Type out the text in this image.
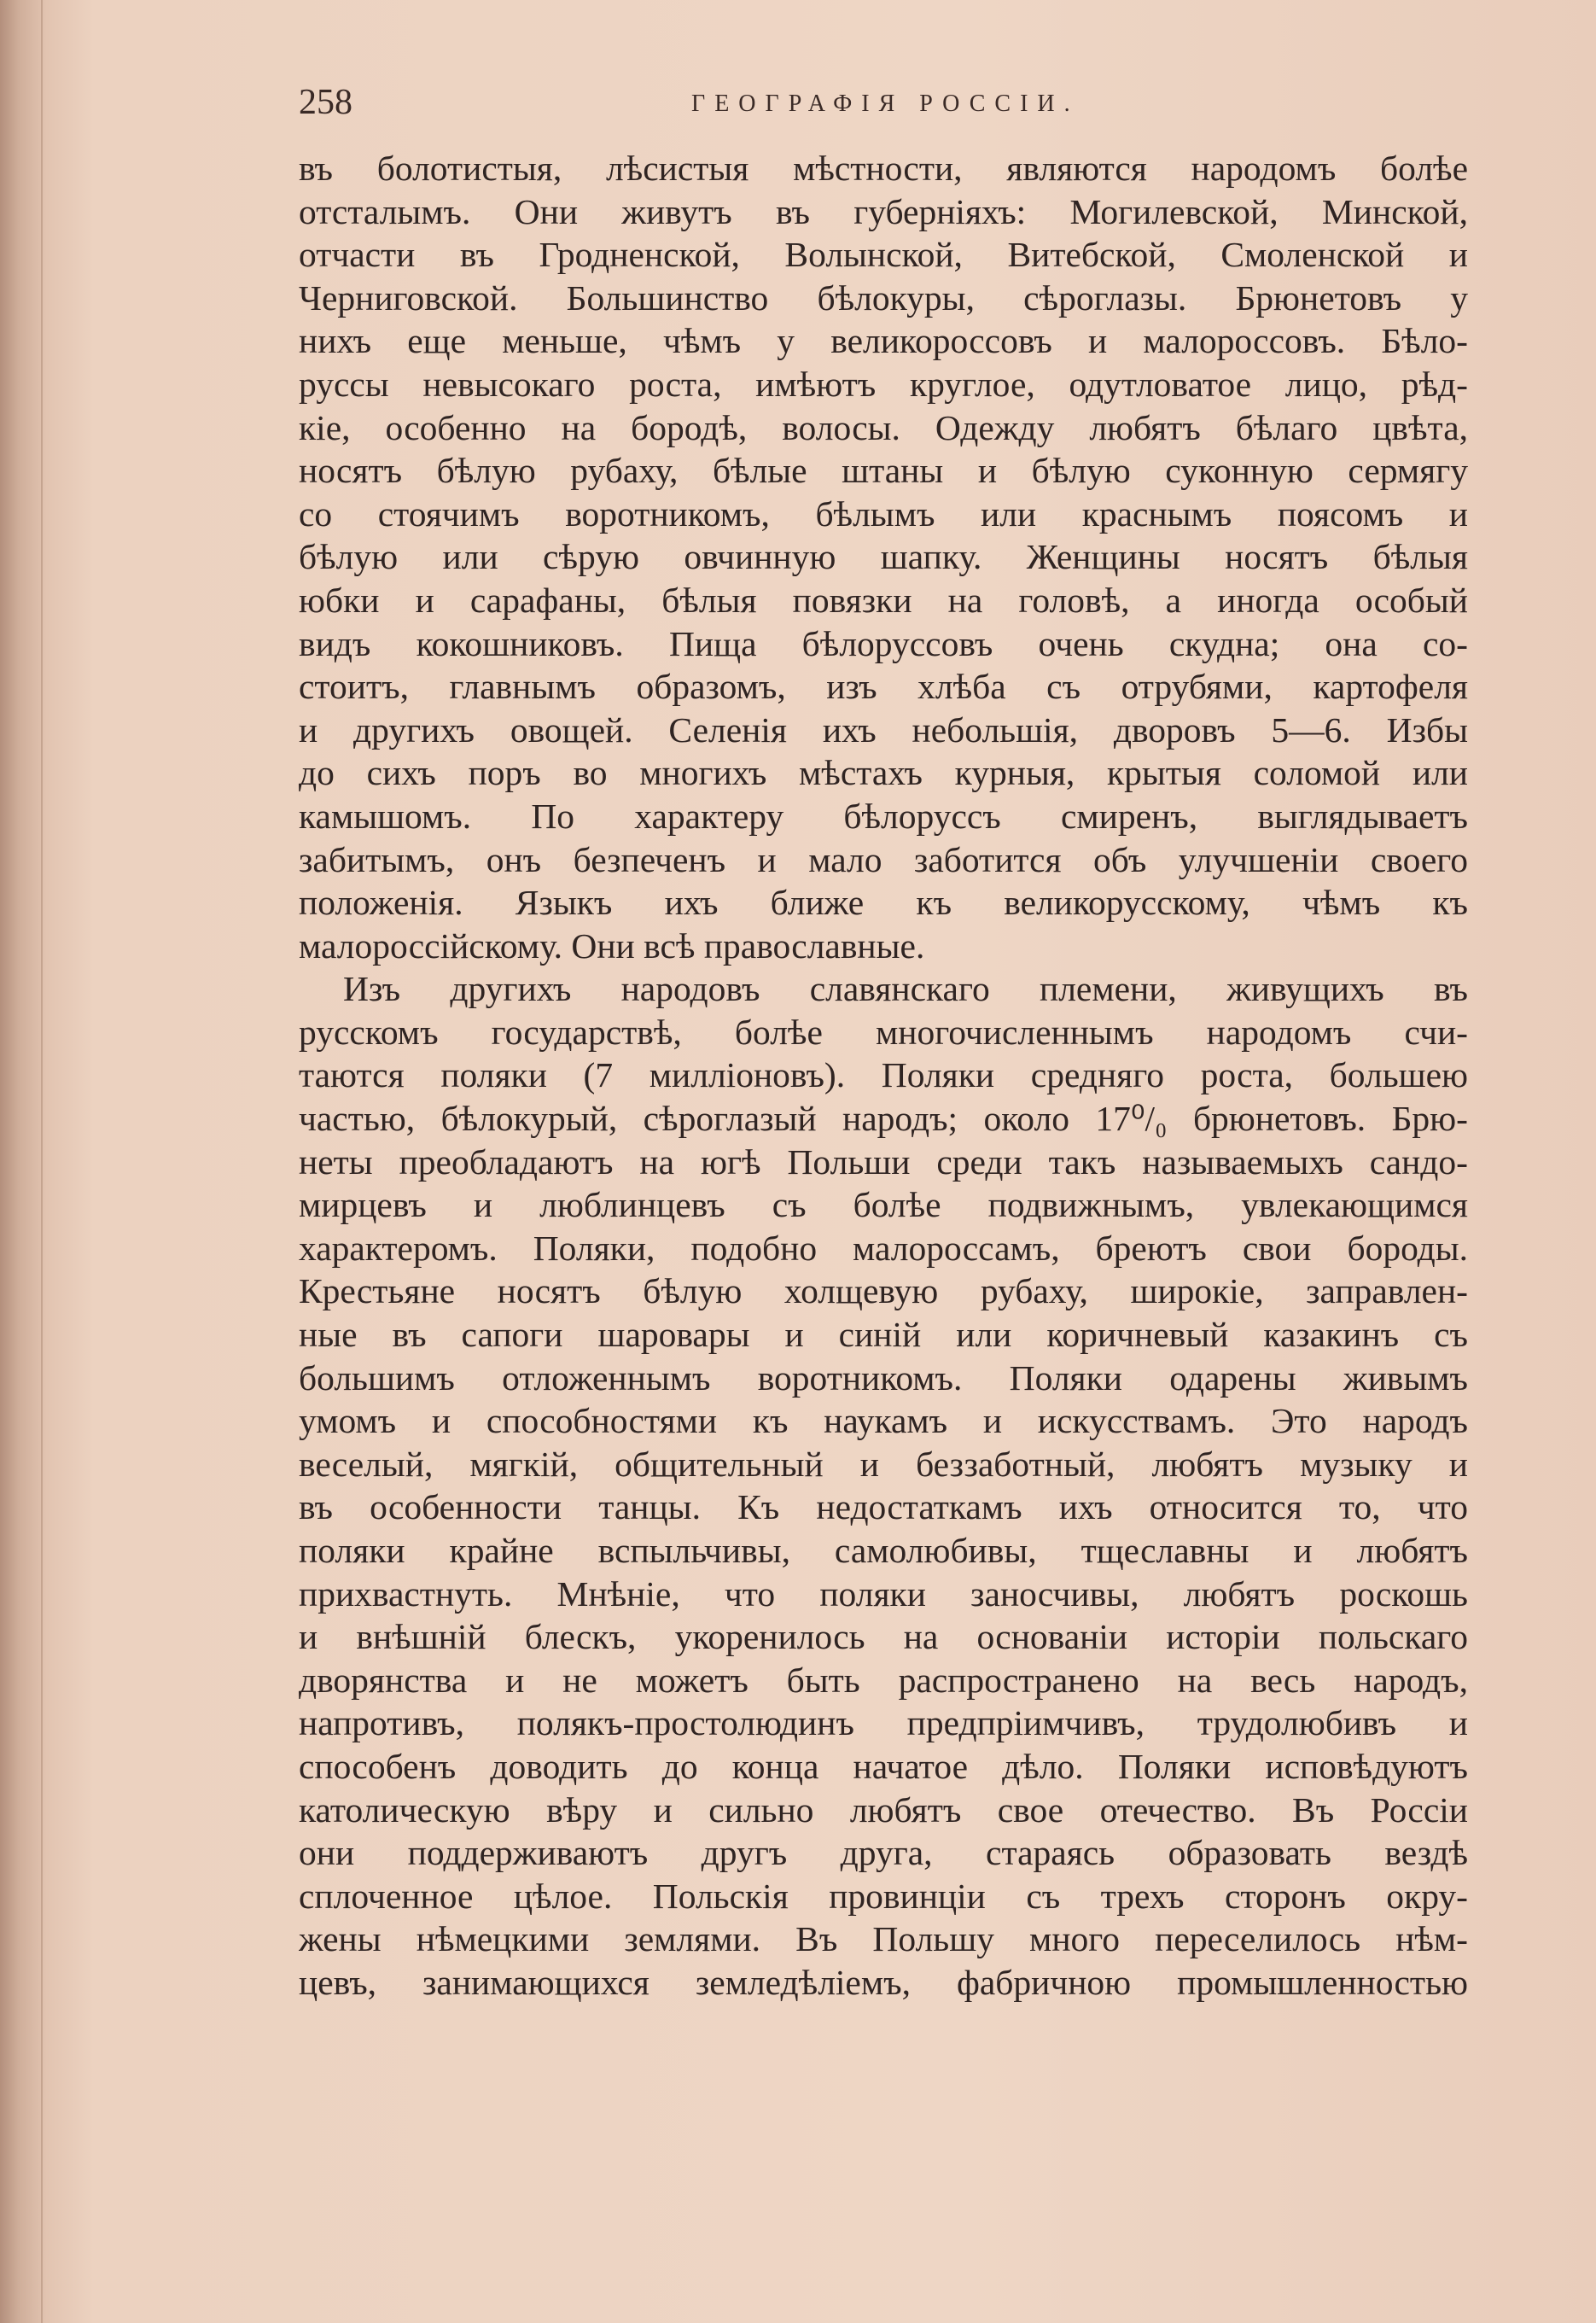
258	ГЕОГРАФІЯ РОССІИ.
въ болотистыя, лѣсистыя мѣстности, являются народомъ болѣе
отсталымъ. Они живутъ въ губерніяхъ: Могилевской, Минской,
отчасти въ Гродненской, Волынской, Витебской, Смоленской и
Черниговской. Большинство бѣлокуры, сѣроглазы. Брюнетовъ у
нихъ еще меньше, чѣмъ у великороссовъ и малороссовъ. Бѣло-
руссы невысокаго роста, имѣютъ круглое, одутловатое лицо, рѣд-
кіе, особенно на бородѣ, волосы. Одежду любятъ бѣлаго цвѣта,
носятъ бѣлую рубаху, бѣлые штаны и бѣлую суконную сермягу
со стоячимъ воротникомъ, бѣлымъ или краснымъ поясомъ и
бѣлую или сѣрую овчинную шапку. Женщины носятъ бѣлыя
юбки и сарафаны, бѣлыя повязки на головѣ, а иногда особый
видъ кокошниковъ. Пища бѣлоруссовъ очень скудна; она со-
стоитъ, главнымъ образомъ, изъ хлѣба съ отрубями, картофеля
и другихъ овощей. Селенія ихъ небольшія, дворовъ 5—6. Избы
до сихъ поръ во многихъ мѣстахъ курныя, крытыя соломой или
камышомъ. По характеру бѣлоруссъ смиренъ, выглядываетъ
забитымъ, онъ безпеченъ и мало заботится объ улучшеніи своего
положенія. Языкъ ихъ ближе къ великорусскому, чѣмъ къ
малороссійскому. Они всѣ православные.
Изъ другихъ народовъ славянскаго племени, живущихъ въ
русскомъ государствѣ, болѣе многочисленнымъ народомъ счи-
таются поляки (7 милліоновъ). Поляки средняго роста, большею
частью, бѣлокурый, сѣроглазый народъ; около 17⁰/₀ брюнетовъ. Брю-
неты преобладаютъ на югѣ Польши среди такъ называемыхъ сандо-
мирцевъ и люблинцевъ съ болѣе подвижнымъ, увлекающимся
характеромъ. Поляки, подобно малороссамъ, бреютъ свои бороды.
Крестьяне носятъ бѣлую холщевую рубаху, широкіе, заправлен-
ные въ сапоги шаровары и синій или коричневый казакинъ съ
большимъ отложеннымъ воротникомъ. Поляки одарены живымъ
умомъ и способностями къ наукамъ и искусствамъ. Это народъ
веселый, мягкій, общительный и беззаботный, любятъ музыку и
въ особенности танцы. Къ недостаткамъ ихъ относится то, что
поляки крайне вспыльчивы, самолюбивы, тщеславны и любятъ
прихвастнуть. Мнѣніе, что поляки заносчивы, любятъ роскошь
и внѣшній блескъ, укоренилось на основаніи исторіи польскаго
дворянства и не можетъ быть распространено на весь народъ,
напротивъ, полякъ-простолюдинъ предпріимчивъ, трудолюбивъ и
способенъ доводить до конца начатое дѣло. Поляки исповѣдуютъ
католическую вѣру и сильно любятъ свое отечество. Въ Россіи
они поддерживаютъ другъ друга, стараясь образовать вездѣ
сплоченное цѣлое. Польскія провинціи съ трехъ сторонъ окру-
жены нѣмецкими землями. Въ Польшу много переселилось нѣм-
цевъ, занимающихся земледѣліемъ, фабричною промышленностью
